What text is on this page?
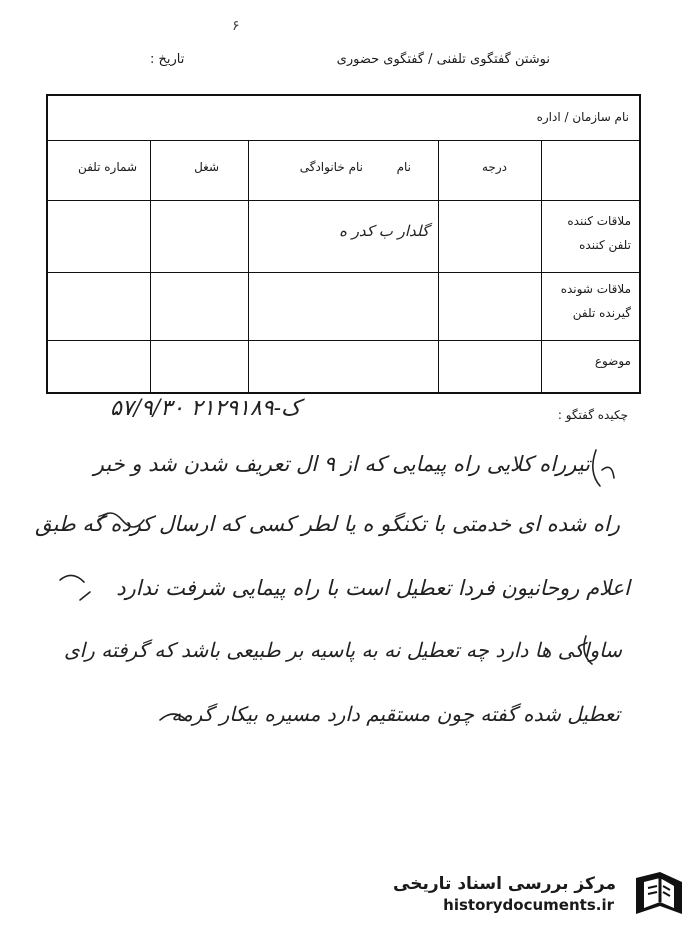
۶
نوشتن گفتگوی تلفنی / گفتگوی حضوری
تاریخ :
نام سازمان / اداره
درجه
نام
نام خانوادگی
شغل
شماره تلفن
ملاقات کننده
تلفن کننده
ملاقات شونده
گیرنده تلفن
موضوع
گلدار ب کدر ه
چکیده گفتگو :
۵۷/۹/۳۰ ک-۲۱۲۹۱۸۹
تیرراه کلایی راه پیمایی که از ۹ ال تعریف شدن شد و خبر
راه شده ای خدمتی با تکنگو ه یا لطر کسی که ارسال کرده گه طبق
اعلام روحانیون فردا تعطیل است با راه پیمایی شرفت ندارد
ساواکی ها دارد چه تعطیل نه به پاسیه بر طبیعی باشد که گرفته رای
تعطیل شده گفته چون مستقیم دارد مسیره بیکار گرمه
مرکز بررسی اسناد تاریخی
historydocuments.ir
